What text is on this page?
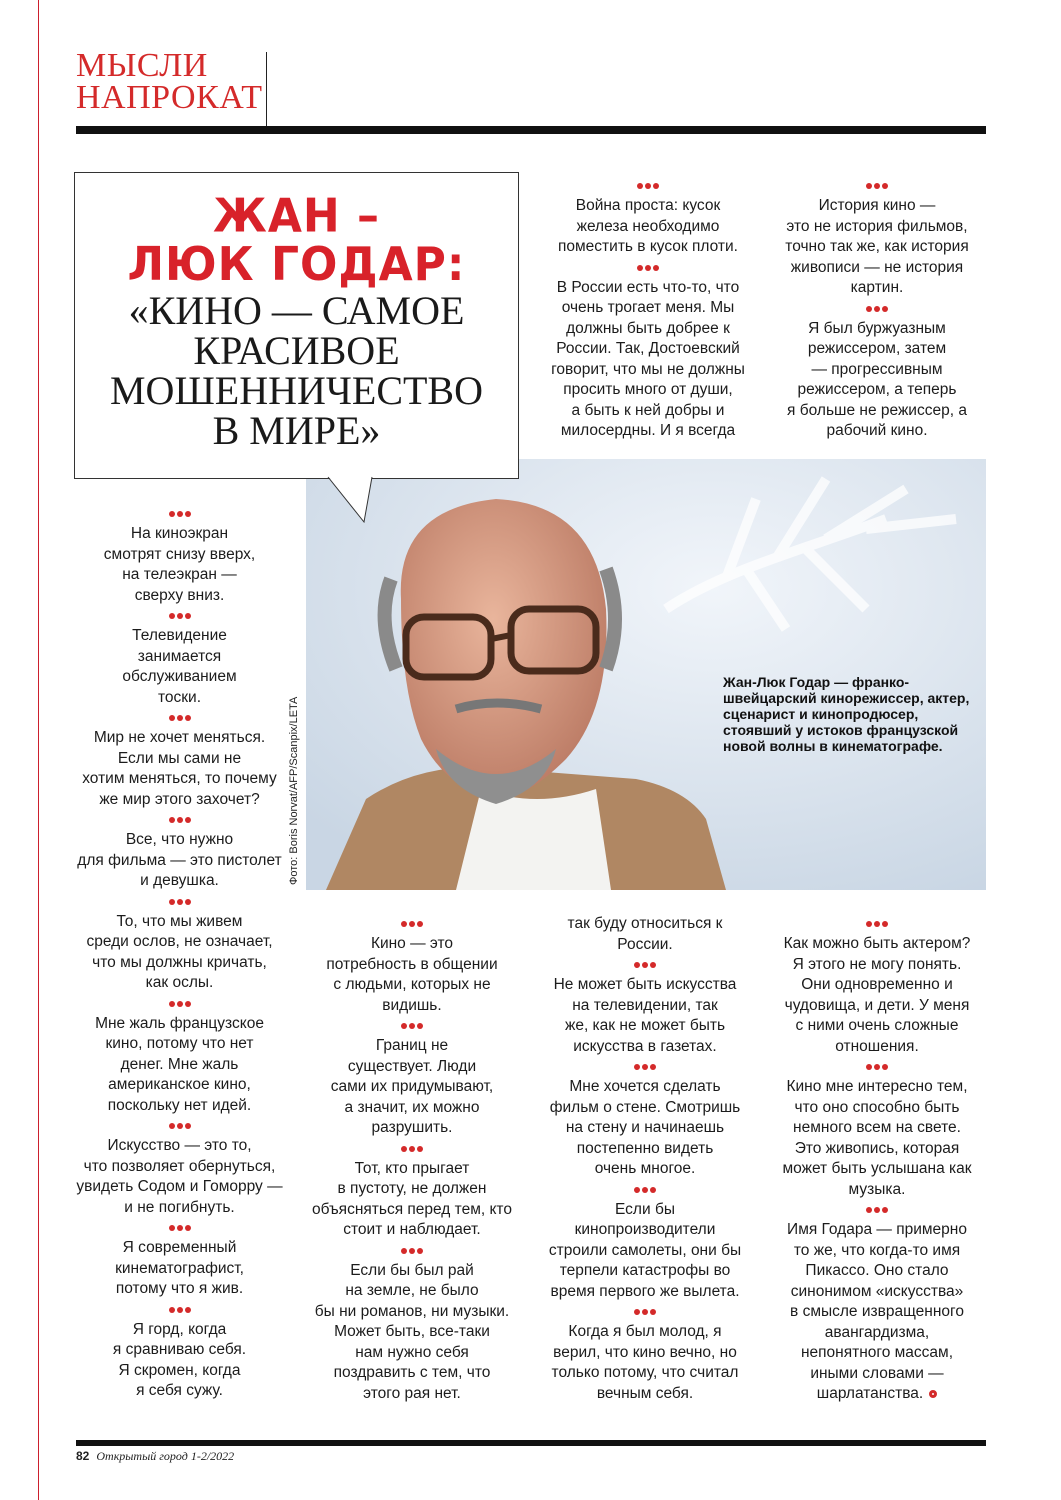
МЫСЛИ
НАПРОКАТ
Жан-Люк Годар — франко-швейцарский кинорежиссер, актер, сценарист и кинопродюсер, стоявший у истоков французской новой волны в кинематографе.
Фото: Boris Norvat/AFP/Scanpix/LETA
ЖАН –
ЛЮК ГОДАР:
«КИНО — САМОЕ
КРАСИВОЕ
МОШЕННИЧЕСТВО
В МИРЕ»
Война проста: кусок
железа необходимо
поместить в кусок плоти.
В России есть что-то, что
очень трогает меня. Мы
должны быть добрее к
России. Так, Достоевский
говорит, что мы не должны
просить много от души,
а быть к ней добры и
милосердны. И я всегда
История кино —
это не история фильмов,
точно так же, как история
живописи — не история
картин.
Я был буржуазным
режиссером, затем
— прогрессивным
режиссером, а теперь
я больше не режиссер, а
рабочий кино.
На киноэкран
смотрят снизу вверх,
на телеэкран —
сверху вниз.
Телевидение
занимается
обслуживанием
тоски.
Мир не хочет меняться.
Если мы сами не
хотим меняться, то почему
же мир этого захочет?
Все, что нужно
для фильма — это пистолет
и девушка.
То, что мы живем
среди ослов, не означает,
что мы должны кричать,
как ослы.
Мне жаль французское
кино, потому что нет
денег. Мне жаль
американское кино,
поскольку нет идей.
Искусство — это то,
что позволяет обернуться,
увидеть Содом и Гоморру —
и не погибнуть.
Я современный
кинематографист,
потому что я жив.
Я горд, когда
я сравниваю себя.
Я скромен, когда
я себя сужу.
Кино — это
потребность в общении
с людьми, которых не
видишь.
Границ не
существует. Люди
сами их придумывают,
а значит, их можно
разрушить.
Тот, кто прыгает
в пустоту, не должен
объясняться перед тем, кто
стоит и наблюдает.
Если бы был рай
на земле, не было
бы ни романов, ни музыки.
Может быть, все-таки
нам нужно себя
поздравить с тем, что
этого рая нет.
так буду относиться к
России.
Не может быть искусства
на телевидении, так
же, как не может быть
искусства в газетах.
Мне хочется сделать
фильм о стене. Смотришь
на стену и начинаешь
постепенно видеть
очень многое.
Если бы
кинопроизводители
строили самолеты, они бы
терпели катастрофы во
время первого же вылета.
Когда я был молод, я
верил, что кино вечно, но
только потому, что считал
вечным себя.
Как можно быть актером?
Я этого не могу понять.
Они одновременно и
чудовища, и дети. У меня
с ними очень сложные
отношения.
Кино мне интересно тем,
что оно способно быть
немного всем на свете.
Это живопись, которая
может быть услышана как
музыка.
Имя Годара — примерно
то же, что когда-то имя
Пикассо. Оно стало
синонимом «искусства»
в смысле извращенного
авангардизма,
непонятного массам,
иными словами —
шарлатанства.
82 Открытый город 1-2/2022
